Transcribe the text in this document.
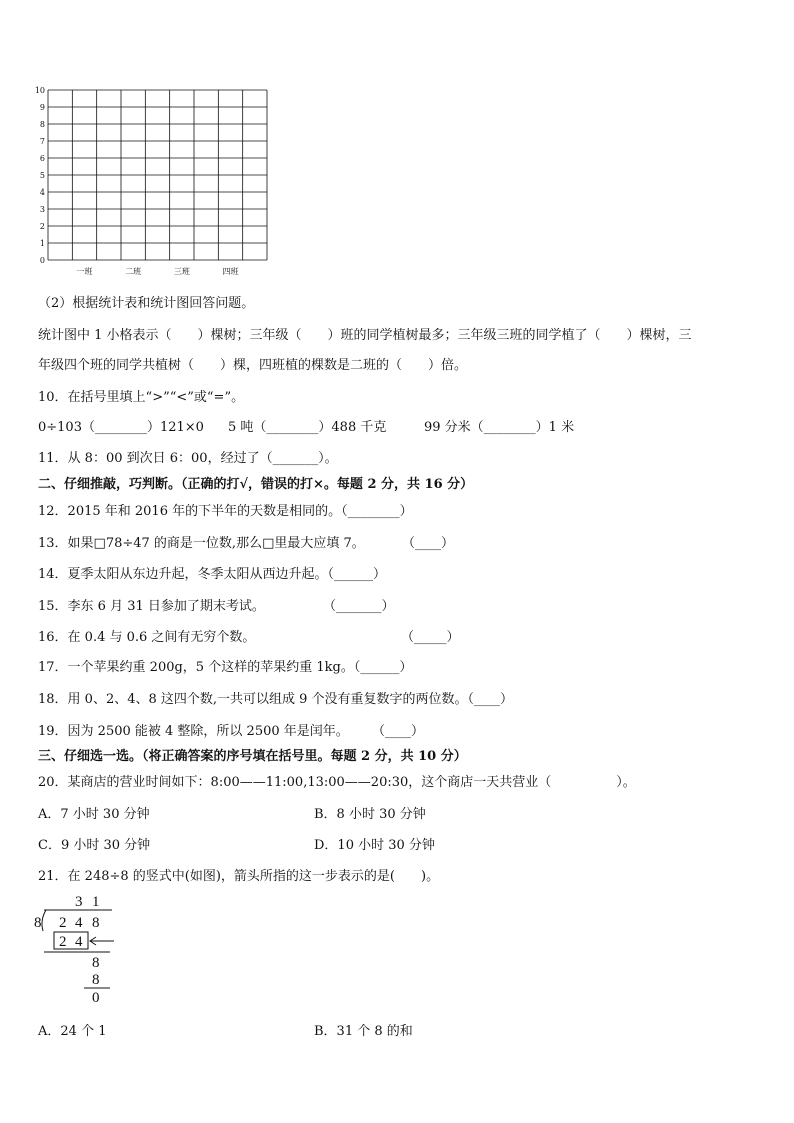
0
1
2
3
4
5
6
7
8
9
10
一班	二班	三班	四班
（2）根据统计表和统计图回答问题。
统计图中 1 小格表示（　　）棵树；三年级（　　）班的同学植树最多；三年级三班的同学植了（　　）棵树，三
年级四个班的同学共植树（　　）棵，四班植的棵数是二班的（　　）倍。
10．在括号里填上“>”“<”或“=”。
0÷103（________）121×0 5 吨（________）488 千克	99 分米（________）1 米
11．从 8：00 到次日 6：00，经过了（_______）。
二、仔细推敲，巧判断。（正确的打√，错误的打×。每题 2 分，共 16 分）
12．2015 年和 2016 年的下半年的天数是相同的。（________）
13．如果□78÷47 的商是一位数,那么□里最大应填 7。	（____）
14．夏季太阳从东边升起，冬季太阳从西边升起。（______）
15．李东 6 月 31 日参加了期末考试。	（_______）
16．在 0.4 与 0.6 之间有无穷个数。	（_____）
17．一个苹果约重 200g，5 个这样的苹果约重 1kg。（______）
18．用 0、2、4、8 这四个数,一共可以组成 9 个没有重复数字的两位数。（____）
19．因为 2500 能被 4 整除，所以 2500 年是闰年。 （____）
三、仔细选一选。（将正确答案的序号填在括号里。每题 2 分，共 10 分）
20．某商店的营业时间如下：8:00——11:00,13:00——20:30，这个商店一天共营业（　　　　　）。
A．7 小时 30 分钟	B．8 小时 30 分钟
C．9 小时 30 分钟	D．10 小时 30 分钟
21．在 248÷8 的竖式中(如图)，箭头所指的这一步表示的是(　　)。
3 1
8 2 4 8
2 4
8
8
0
A．24 个 1	B．31 个 8 的和
